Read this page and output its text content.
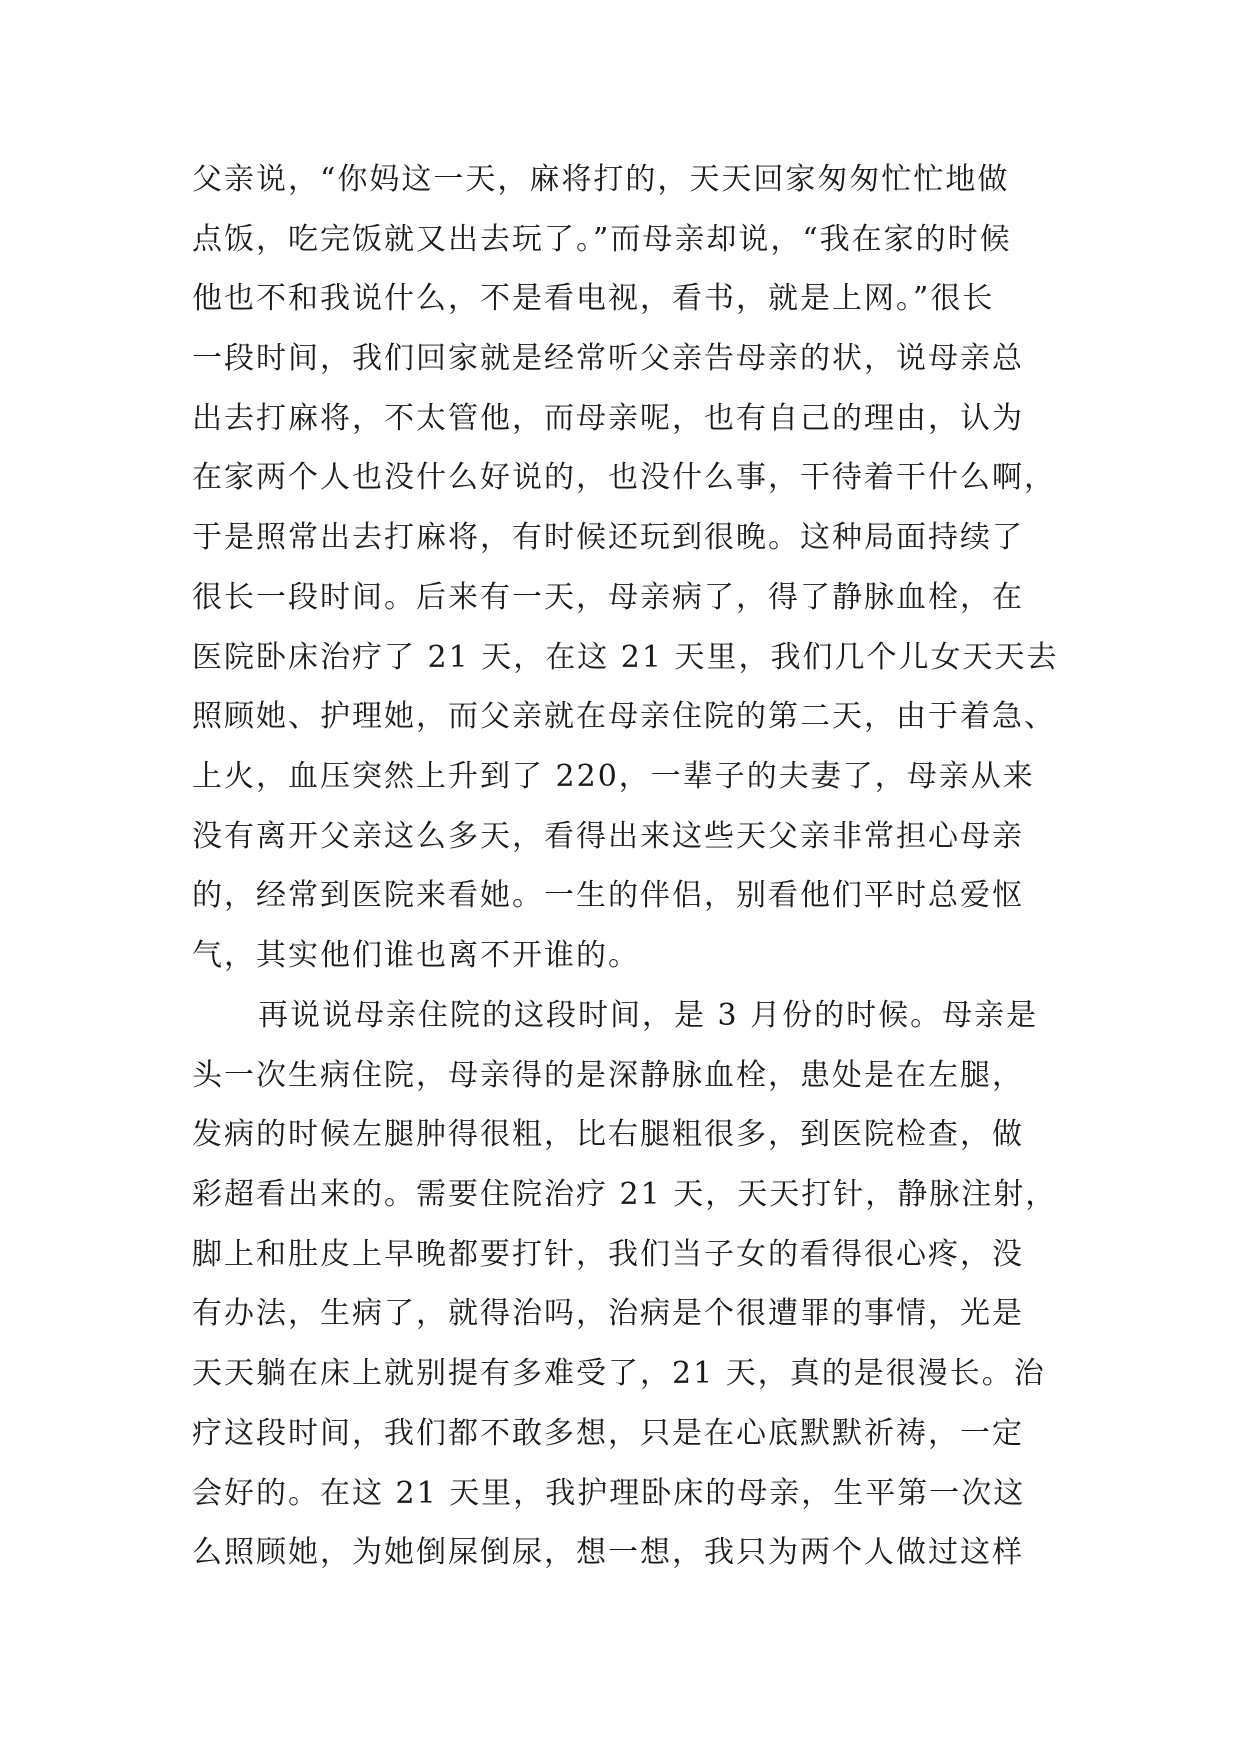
父亲说，“你妈这一天，麻将打的，天天回家匆匆忙忙地做
点饭，吃完饭就又出去玩了。”而母亲却说，“我在家的时候
他也不和我说什么，不是看电视，看书，就是上网。”很长
一段时间，我们回家就是经常听父亲告母亲的状，说母亲总
出去打麻将，不太管他，而母亲呢，也有自己的理由，认为
在家两个人也没什么好说的，也没什么事，干待着干什么啊，
于是照常出去打麻将，有时候还玩到很晚。这种局面持续了
很长一段时间。后来有一天，母亲病了，得了静脉血栓，在
医院卧床治疗了 21 天，在这 21 天里，我们几个儿女天天去
照顾她、护理她，而父亲就在母亲住院的第二天，由于着急、
上火，血压突然上升到了 220，一辈子的夫妻了，母亲从来
没有离开父亲这么多天，看得出来这些天父亲非常担心母亲
的，经常到医院来看她。一生的伴侣，别看他们平时总爱怄
气，其实他们谁也离不开谁的。
再说说母亲住院的这段时间，是 3 月份的时候。母亲是
头一次生病住院，母亲得的是深静脉血栓，患处是在左腿，
发病的时候左腿肿得很粗，比右腿粗很多，到医院检查，做
彩超看出来的。需要住院治疗 21 天，天天打针，静脉注射，
脚上和肚皮上早晚都要打针，我们当子女的看得很心疼，没
有办法，生病了，就得治吗，治病是个很遭罪的事情，光是
天天躺在床上就别提有多难受了，21 天，真的是很漫长。治
疗这段时间，我们都不敢多想，只是在心底默默祈祷，一定
会好的。在这 21 天里，我护理卧床的母亲，生平第一次这
么照顾她，为她倒屎倒尿，想一想，我只为两个人做过这样
